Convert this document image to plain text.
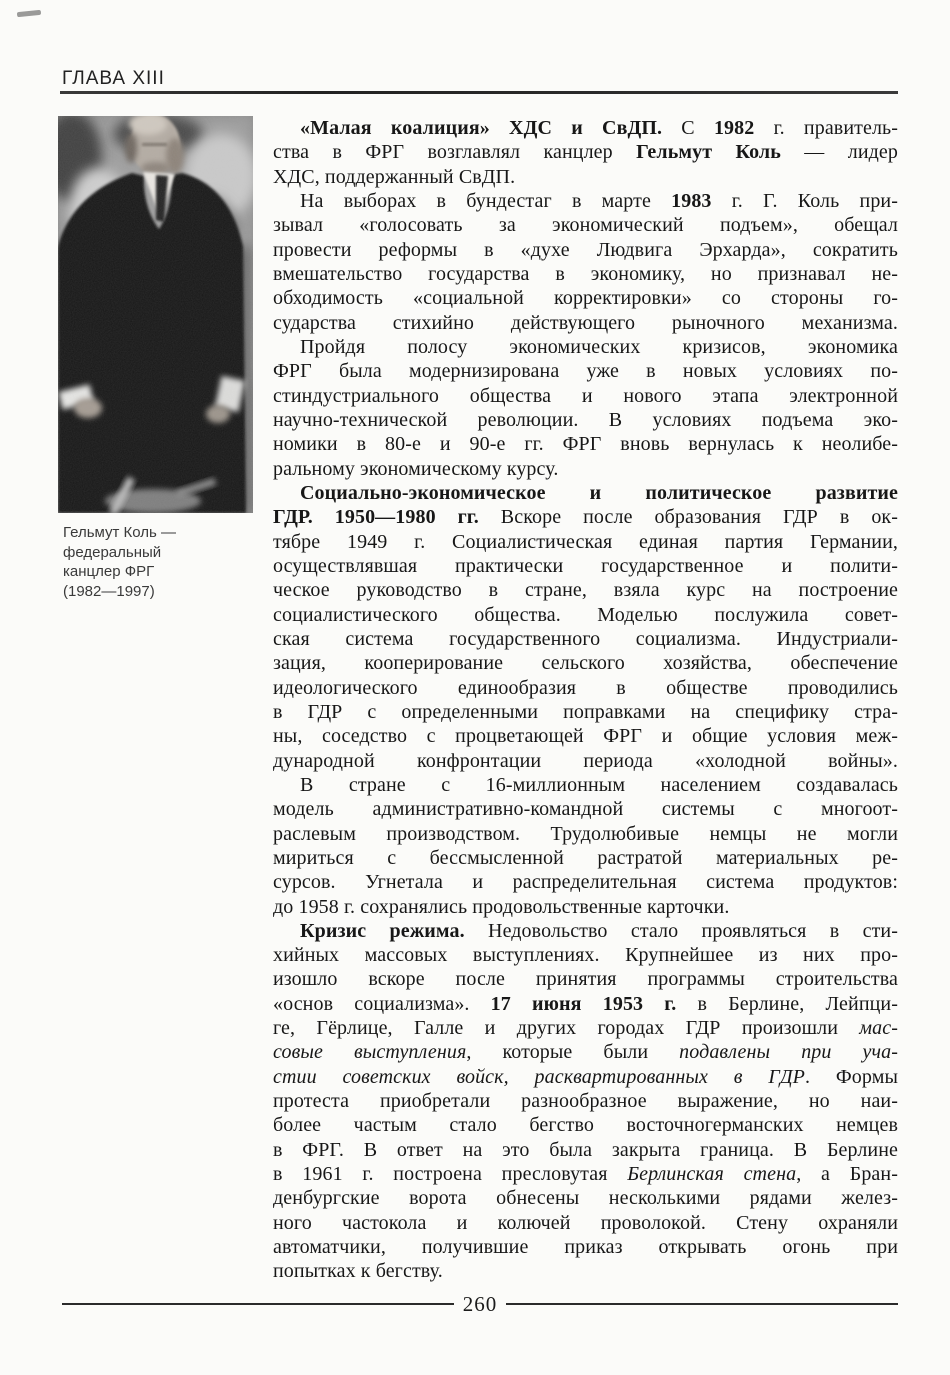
ГЛАВА XIII
Гельмут Коль —
федеральный
канцлер ФРГ
(1982—1997)
«Малая коалиция» ХДС и СвДП. С 1982 г. правитель-
ства в ФРГ возглавлял канцлер Гельмут Коль — лидер
ХДС, поддержанный СвДП.
На выборах в бундестаг в марте 1983 г. Г. Коль при-
зывал «голосовать за экономический подъем», обещал
провести реформы в «духе Людвига Эрхарда», сократить
вмешательство государства в экономику, но признавал не-
обходимость «социальной корректировки» со стороны го-
сударства стихийно действующего рыночного механизма.
Пройдя полосу экономических кризисов, экономика
ФРГ была модернизирована уже в новых условиях по-
стиндустриального общества и нового этапа электронной
научно-технической революции. В условиях подъема эко-
номики в 80-е и 90-е гг. ФРГ вновь вернулась к неолибе-
ральному экономическому курсу.
Социально-экономическое и политическое развитие
ГДР. 1950—1980 гг. Вскоре после образования ГДР в ок-
тябре 1949 г. Социалистическая единая партия Германии,
осуществлявшая практически государственное и полити-
ческое руководство в стране, взяла курс на построение
социалистического общества. Моделью послужила совет-
ская система государственного социализма. Индустриали-
зация, кооперирование сельского хозяйства, обеспечение
идеологического единообразия в обществе проводились
в ГДР с определенными поправками на специфику стра-
ны, соседство с процветающей ФРГ и общие условия меж-
дународной конфронтации периода «холодной войны».
В стране с 16-миллионным населением создавалась
модель административно-командной системы с многоот-
раслевым производством. Трудолюбивые немцы не могли
мириться с бессмысленной растратой материальных ре-
сурсов. Угнетала и распределительная система продуктов:
до 1958 г. сохранялись продовольственные карточки.
Кризис режима. Недовольство стало проявляться в сти-
хийных массовых выступлениях. Крупнейшее из них про-
изошло вскоре после принятия программы строительства
«основ социализма». 17 июня 1953 г. в Берлине, Лейпци-
ге, Гёрлице, Галле и других городах ГДР произошли мас-
совые выступления, которые были подавлены при уча-
стии советских войск, расквартированных в ГДР. Формы
протеста приобретали разнообразное выражение, но наи-
более частым стало бегство восточногерманских немцев
в ФРГ. В ответ на это была закрыта граница. В Берлине
в 1961 г. построена пресловутая Берлинская стена, а Бран-
денбургские ворота обнесены несколькими рядами желез-
ного частокола и колючей проволокой. Стену охраняли
автоматчики, получившие приказ открывать огонь при
попытках к бегству.
260
